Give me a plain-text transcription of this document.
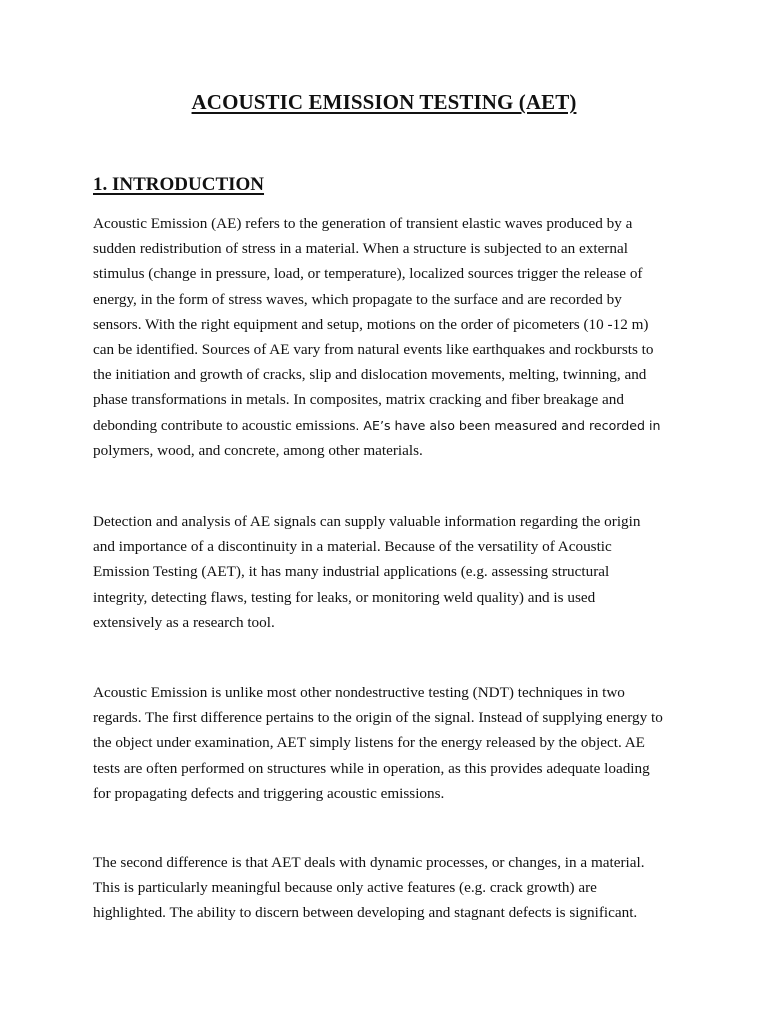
ACOUSTIC EMISSION TESTING (AET)
1. INTRODUCTION

Acoustic Emission (AE) refers to the generation of transient elastic waves produced by a
sudden redistribution of stress in a material. When a structure is subjected to an external
stimulus (change in pressure, load, or temperature), localized sources trigger the release of
energy, in the form of stress waves, which propagate to the surface and are recorded by
sensors. With the right equipment and setup, motions on the order of picometers (10 -12 m)
can be identified. Sources of AE vary from natural events like earthquakes and rockbursts to
the initiation and growth of cracks, slip and dislocation movements, melting, twinning, and
phase transformations in metals. In composites, matrix cracking and fiber breakage and
debonding contribute to acoustic emissions. AE’s have also been measured and recorded in
polymers, wood, and concrete, among other materials.

Detection and analysis of AE signals can supply valuable information regarding the origin
and importance of a discontinuity in a material. Because of the versatility of Acoustic
Emission Testing (AET), it has many industrial applications (e.g. assessing structural
integrity, detecting flaws, testing for leaks, or monitoring weld quality) and is used
extensively as a research tool.

Acoustic Emission is unlike most other nondestructive testing (NDT) techniques in two
regards. The first difference pertains to the origin of the signal. Instead of supplying energy to
the object under examination, AET simply listens for the energy released by the object. AE
tests are often performed on structures while in operation, as this provides adequate loading
for propagating defects and triggering acoustic emissions.

The second difference is that AET deals with dynamic processes, or changes, in a material.
This is particularly meaningful because only active features (e.g. crack growth) are
highlighted. The ability to discern between developing and stagnant defects is significant.
